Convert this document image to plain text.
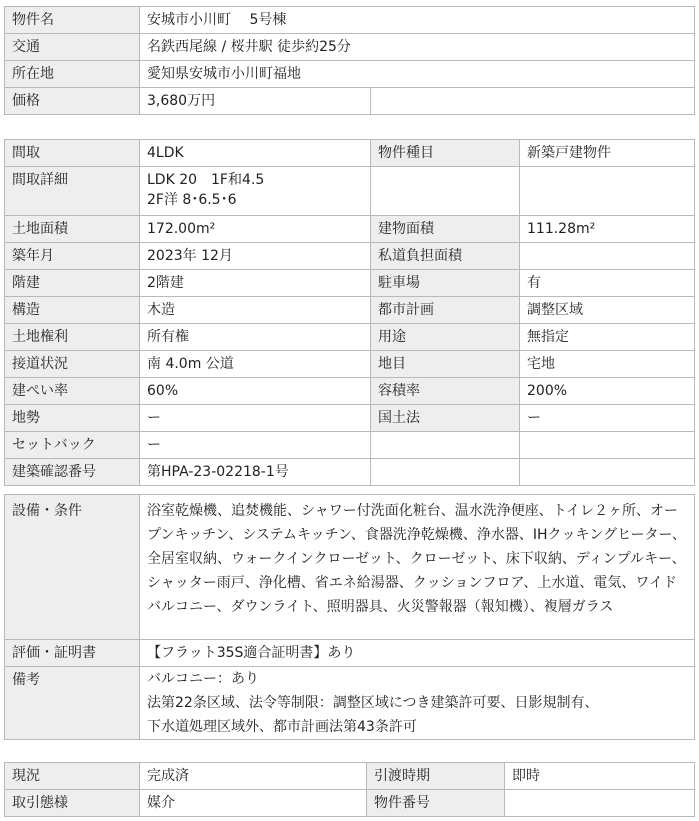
物件名	安城市小川町　 5号棟	
交通	名鉄西尾線 / 桜井駅 徒歩約25分	
所在地	愛知県安城市小川町福地	
価格	3,680万円	
間取	4LDK	物件種目	新築戸建物件
間取詳細	LDK 20　1F和4.5
2F洋 8･6.5･6		

土地面積	172.00m²	建物面積	111.28m²
築年月	2023年 12月	私道負担面積	
階建	2階建	駐車場	有
構造	木造	都市計画	調整区域
土地権利	所有権	用途	無指定
接道状況	南 4.0m 公道	地目	宅地
建ぺい率	60%	容積率	200%
地勢	ー	国土法	ー
セットバック	ー		
建築確認番号	第HPA-23-02218-1号		
設備・条件	浴室乾燥機、追焚機能、シャワー付洗面化粧台、温水洗浄便座、トイレ２ヶ所、オープンキッチン、システムキッチン、食器洗浄乾燥機、浄水器、IHクッキングヒーター、全居室収納、ウォークインクローゼット、クローゼット、床下収納、ディンプルキー、シャッター雨戸、浄化槽、省エネ給湯器、クッションフロア、上水道、電気、ワイドバルコニー、ダウンライト、照明器具、火災警報器（報知機）、複層ガラス
評価・証明書	【フラット35S適合証明書】あり
備考	バルコニー：あり
法第22条区域、法令等制限：調整区域につき建築許可要、日影規制有、
下水道処理区域外、都市計画法第43条許可
現況	完成済	引渡時期	即時
取引態様	媒介	物件番号	
